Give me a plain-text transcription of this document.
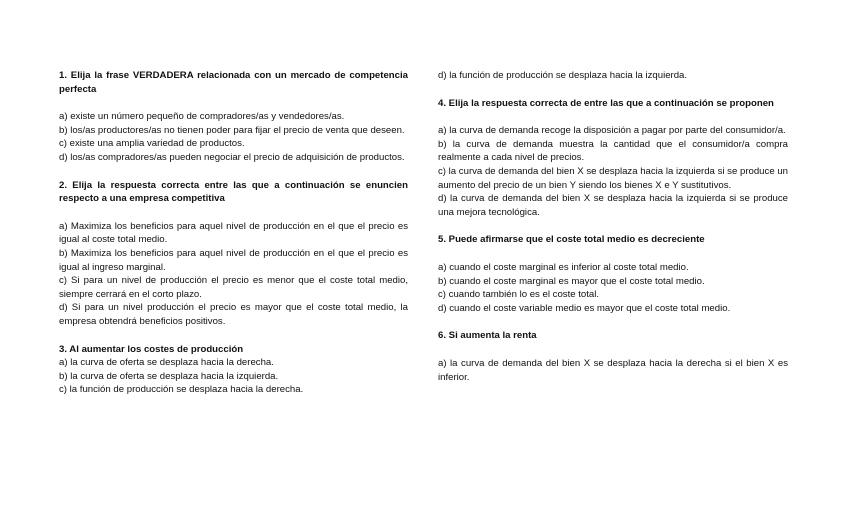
1. Elija la frase VERDADERA relacionada con un mercado de competencia perfecta

a) existe un número pequeño de compradores/as y vendedores/as.

b) los/as productores/as no tienen poder para fijar el precio de venta que deseen.

c) existe una amplia variedad de productos.

d) los/as compradores/as pueden negociar el precio de adquisición de productos.

2. Elija la respuesta correcta entre las que a continuación se enuncien respecto a una empresa competitiva

a) Maximiza los beneficios para aquel nivel de producción en el que el precio es igual al coste total medio.

b) Maximiza los beneficios para aquel nivel de producción en el que el precio es igual al ingreso marginal.

c) Si para un nivel de producción el precio es menor que el coste total medio, siempre cerrará en el corto plazo.

d) Si para un nivel producción el precio es mayor que el coste total medio, la empresa obtendrá beneficios positivos.

3. Al aumentar los costes de producción

a) la curva de oferta se desplaza hacia la derecha.

b) la curva de oferta se desplaza hacia la izquierda.

c) la función de producción se desplaza hacia la derecha.

d) la función de producción se desplaza hacia la izquierda.

4. Elija la respuesta correcta de entre las que a continuación se proponen

a) la curva de demanda recoge la disposición a pagar por parte del consumidor/a.

b) la curva de demanda muestra la cantidad que el consumidor/a compra realmente a cada nivel de precios.

c) la curva de demanda del bien X se desplaza hacia la izquierda si se produce un aumento del precio de un bien Y siendo los bienes X e Y sustitutivos.

d) la curva de demanda del bien X se desplaza hacia la izquierda si se produce una mejora tecnológica.

5. Puede afirmarse que el coste total medio es decreciente

a) cuando el coste marginal es inferior al coste total medio.

b) cuando el coste marginal es mayor que el coste total medio.

c) cuando también lo es el coste total.

d) cuando el coste variable medio es mayor que el coste total medio.

6. Si aumenta la renta

a) la curva de demanda del bien X se desplaza hacia la derecha si el bien X es inferior.
